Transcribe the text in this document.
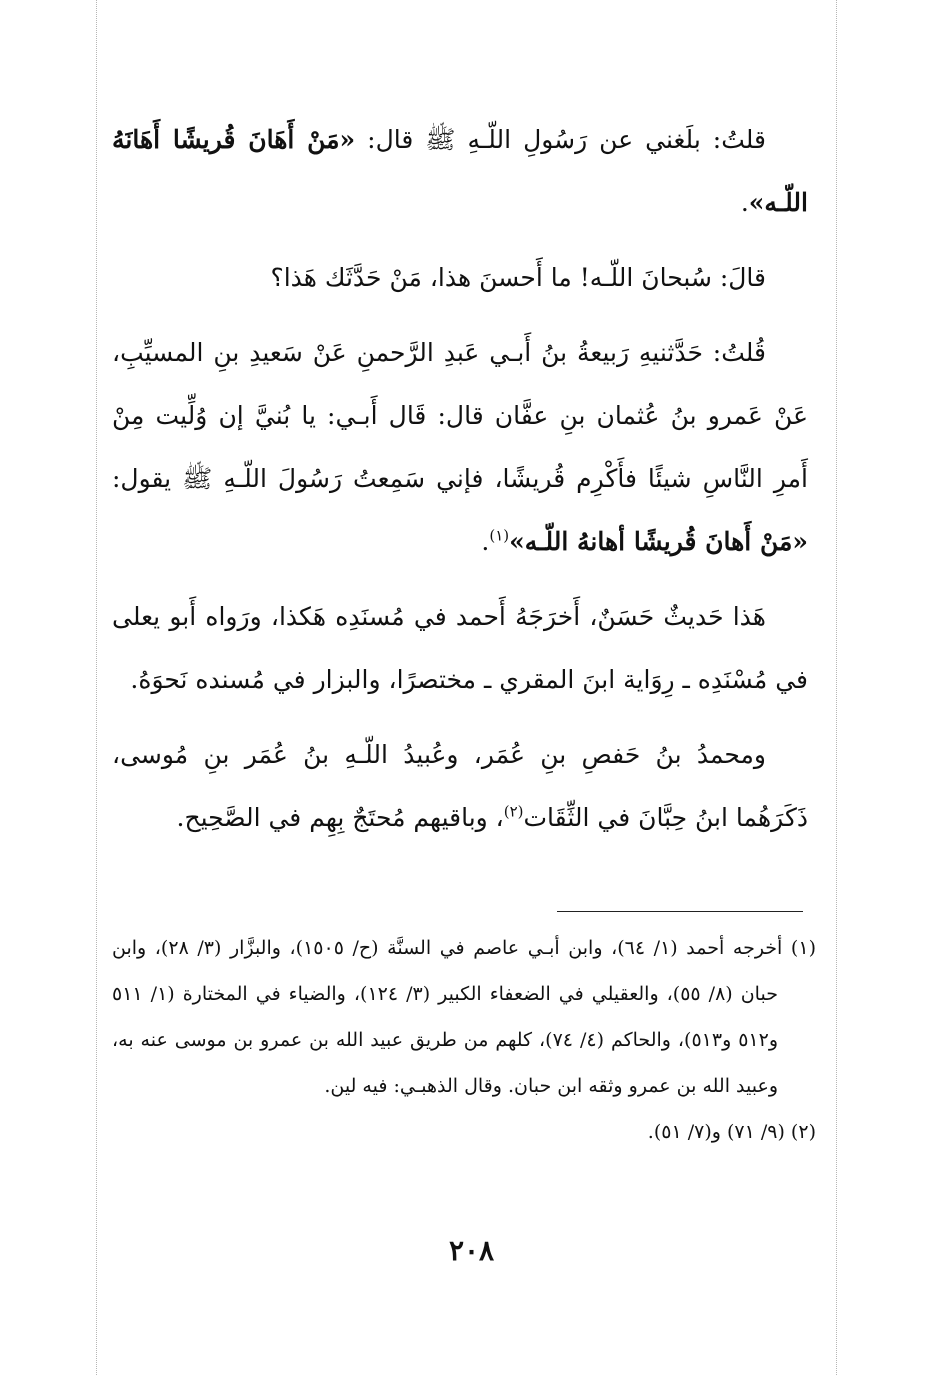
قلتُ: بلَغني عن رَسُولِ اللّـهِ ﷺ قال: «مَنْ أَهَانَ قُريشًا أَهَانَهُ اللّـه».

قالَ: سُبحانَ اللّـه! ما أَحسنَ هذا، مَنْ حَدَّثَك هَذا؟

قُلتُ: حَدَّثنيهِ رَبيعةُ بنُ أَبـي عَبدِ الرَّحمنِ عَنْ سَعيدِ بنِ المسيِّبِ، عَنْ عَمرو بنُ عُثمان بنِ عفَّان قال: قَال أَبـي: يا بُنيَّ إن وُلِّيت مِنْ أَمرِ النَّاسِ شيئًا فأَكْرِم قُريشًا، فإني سَمِعتُ رَسُولَ اللّـهِ ﷺ يقول: «مَنْ أَهانَ قُريشًا أهانهُ اللّـه»$^{(١)}$.

هَذا حَديثٌ حَسَنٌ، أَخرَجَهُ أَحمد في مُسنَدِه هَكذا، ورَواه أَبو يعلى في مُسْنَدِه ـ رِوَاية ابنَ المقري ـ مختصرًا، والبزار في مُسنده نَحوَهُ.

ومحمدُ بنُ حَفصِ بنِ عُمَر، وعُبيدُ اللّـهِ بنُ عُمَر بنِ مُوسى، ذَكَرَهُما ابنُ حِبَّانَ في الثِّقَات$^{(٢)}$، وباقيهم مُحتَجٌ بِهِم في الصَّحِيح.

(١) أخرجه أحمد (١/ ٦٤)، وابن أبـي عاصم في السنَّة (ح/ ١٥٠٥)، والبزَّار (٣/ ٢٨)، وابن حبان (٨/ ٥٥)، والعقيلي في الضعفاء الكبير (٣/ ١٢٤)، والضياء في المختارة (١/ ٥١١ و٥١٢ و٥١٣)، والحاكم (٤/ ٧٤)، كلهم من طريق عبيد الله بن عمرو بن موسى عنه به، وعبيد الله بن عمرو وثقه ابن حبان. وقال الذهبـي: فيه لين.

(٢) (٩/ ٧١) و(٧/ ٥١).

٢٠٨
